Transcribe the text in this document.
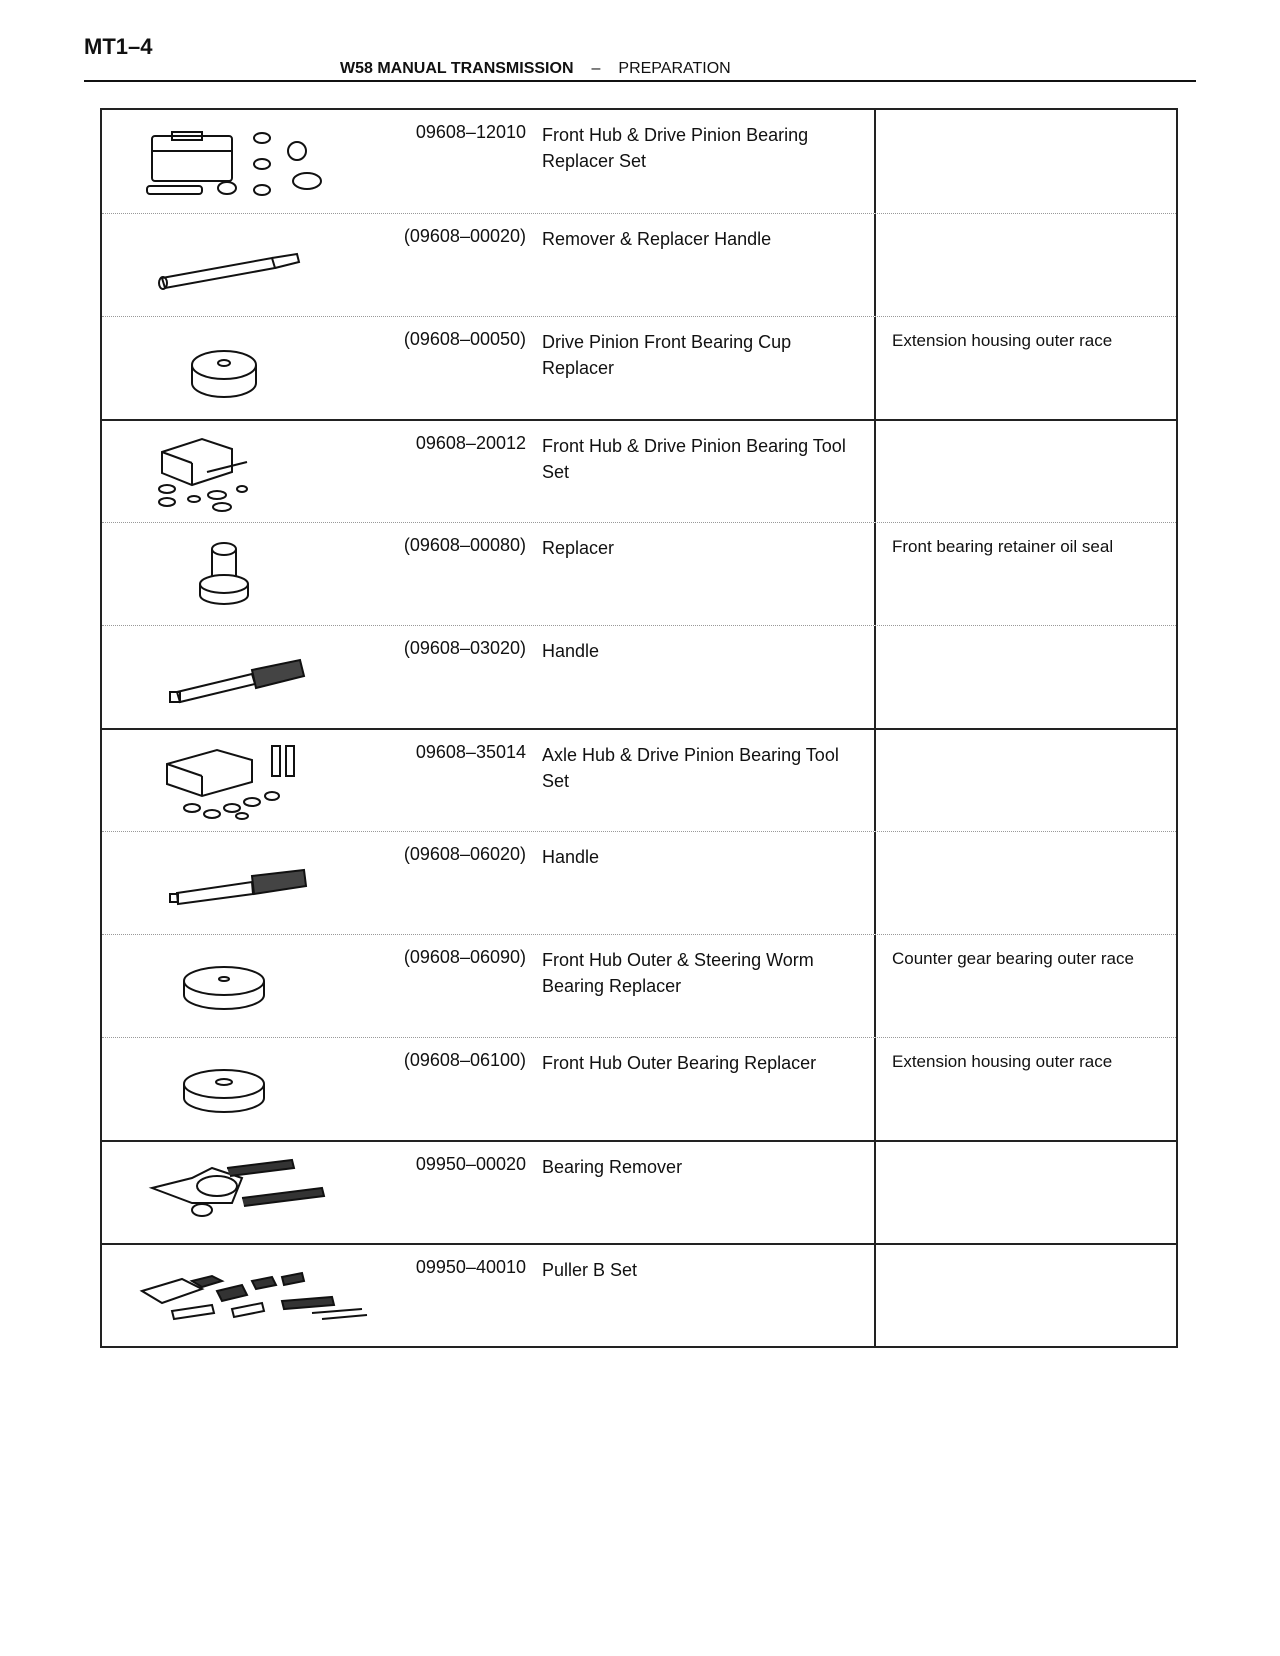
MT1–4
W58 MANUAL TRANSMISSION – PREPARATION
09608–12010 Front Hub & Drive Pinion Bearing Replacer Set
(09608–00020) Remover & Replacer Handle
(09608–00050) Drive Pinion Front Bearing Cup Replacer
Extension housing outer race
09608–20012 Front Hub & Drive Pinion Bearing Tool Set
(09608–00080) Replacer	Front bearing retainer oil seal
(09608–03020) Handle
09608–35014 Axle Hub & Drive Pinion Bearing Tool Set
(09608–06020) Handle
(09608–06090) Front Hub Outer & Steering Worm Bearing Replacer
Counter gear bearing outer race
(09608–06100) Front Hub Outer Bearing Replacer	Extension housing outer race
09950–00020 Bearing Remover
09950–40010 Puller B Set
